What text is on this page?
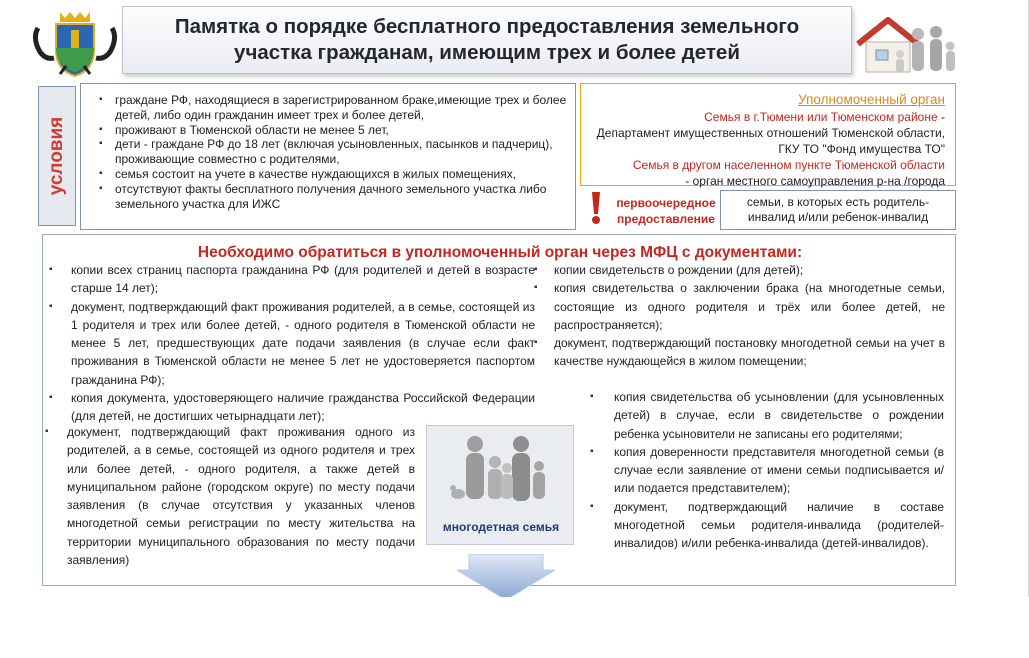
Памятка о порядке бесплатного предоставления земельного
участка гражданам, имеющим трех и более детей
условия
▪ граждане РФ, находящиеся в зарегистрированном браке,имеющие трех и более детей, либо один гражданин имеет трех и более детей,
▪ проживают в Тюменской области не менее 5 лет,
▪ дети - граждане РФ до 18 лет (включая усыновленных, пасынков и падчериц), проживающие совместно с родителями,
▪ семья состоит на учете в качестве нуждающихся в жилых помещениях,
▪ отсутствуют факты бесплатного получения дачного земельного участка либо земельного участка для ИЖС
Уполномоченный орган
Семья в г.Тюмени или Тюменском районе -
Департамент имущественных отношений Тюменской области, ГКУ ТО "Фонд имущества ТО"
Семья в другом населенном пункте Тюменской области
- орган местного самоуправления р-на /города
первоочередное предоставление
семьи, в которых есть родитель-инвалид и/или ребенок-инвалид
Необходимо обратиться в уполномоченный орган через МФЦ с документами:

▪ копии всех страниц паспорта гражданина РФ (для родителей и детей в возрасте старше 14 лет);

▪ документ, подтверждающий факт проживания родителей, а в семье, состоящей из 1 родителя и трех или более детей, - одного родителя в Тюменской области не менее 5 лет, предшествующих дате подачи заявления (в случае если факт проживания в Тюменской области не менее 5 лет не удостоверяется паспортом гражданина РФ);

▪ копия документа, удостоверяющего наличие гражданства Российской Федерации (для детей, не достигших четырнадцати лет);

▪ документ, подтверждающий факт проживания одного из родителей, а в семье, состоящей из одного родителя и трех или более детей, - одного родителя, а также детей в муниципальном районе (городском округе) по месту подачи заявления (в случае отсутствия у указанных членов многодетной семьи регистрации по месту жительства на территории муниципального образования по месту подачи заявления)

▪ копии свидетельств о рождении (для детей);

▪ копия свидетельства о заключении брака (на многодетные семьи, состоящие из одного родителя и трёх или более детей, не распространяется);

▪ документ, подтверждающий постановку многодетной семьи на учет в качестве нуждающейся в жилом помещении;

▪ копия свидетельства об усыновлении (для усыновленных детей) в случае, если в свидетельстве о рождении ребенка усыновители не записаны его родителями;

▪ копия доверенности представителя многодетной семьи (в случае если заявление от имени семьи подписывается и/или подается представителем);

▪ документ, подтверждающий наличие в составе многодетной семьи родителя-инвалида (родителей-инвалидов) и/или ребенка-инвалида (детей-инвалидов).

многодетная семья
